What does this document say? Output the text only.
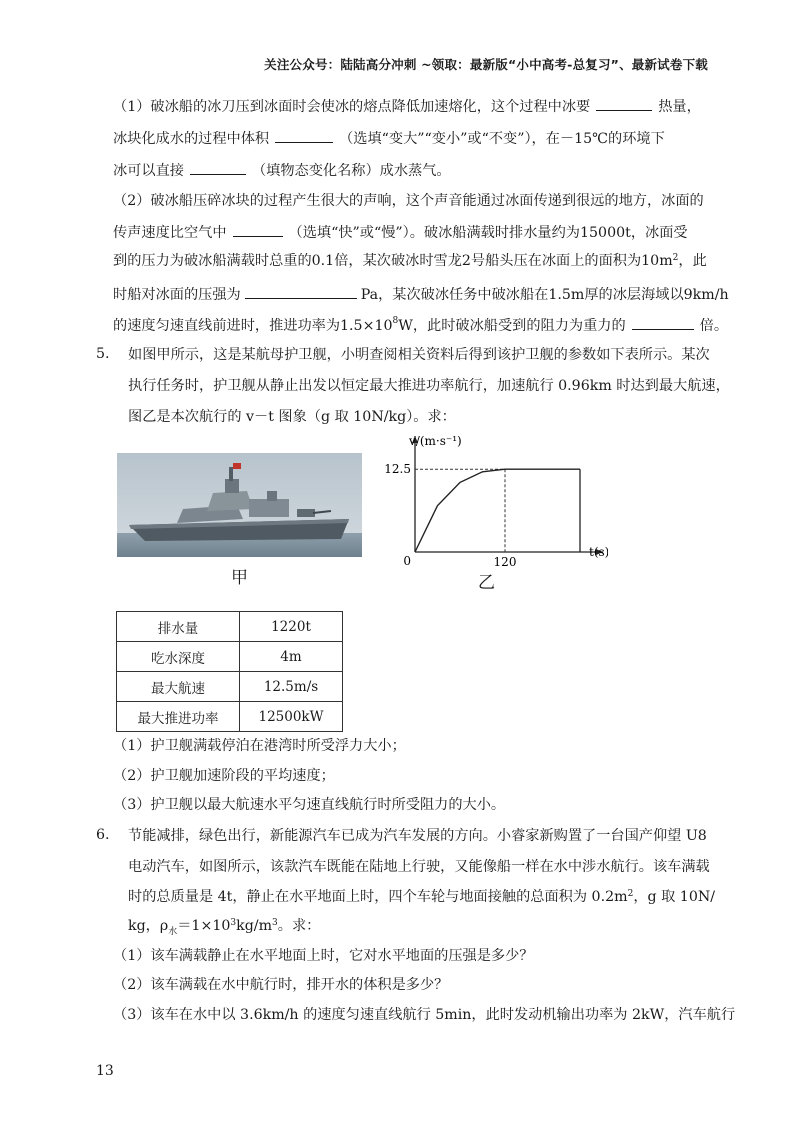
关注公众号：陆陆高分冲刺 ~领取：最新版“小中高考-总复习”、最新试卷下载
（1）破冰船的冰刀压到冰面时会使冰的熔点降低加速熔化，这个过程中冰要	热量，
冰块化成水的过程中体积	（选填“变大”“变小”或“不变”），在－15℃的环境下
冰可以直接	（填物态变化名称）成水蒸气。
（2）破冰船压碎冰块的过程产生很大的声响，这个声音能通过冰面传递到很远的地方，冰面的
传声速度比空气中	（选填“快”或“慢”）。破冰船满载时排水量约为15000t，冰面受
到的压力为破冰船满载时总重的0.1倍，某次破冰时雪龙2号船头压在冰面上的面积为$10m^2$，此
时船对冰面的压强为	Pa，某次破冰任务中破冰船在1.5m厚的冰层海域以9km/h
的速度匀速直线前进时，推进功率为$1.5\times 10^8W$，此时破冰船受到的阻力为重力的	倍。
5. 如图甲所示，这是某航母护卫舰，小明查阅相关资料后得到该护卫舰的参数如下表所示。某次
执行任务时，护卫舰从静止出发以恒定最大推进功率航行，加速航行 0.96km 时达到最大航速，
图乙是本次航行的 v－t 图象（g 取 10N/kg）。求：
甲
v/(m·s⁻¹)
t(s)
0	120
12.5
乙
排水量	1220t
吃水深度	4m
最大航速	12.5m/s
最大推进功率	12500kW
（1）护卫舰满载停泊在港湾时所受浮力大小；
（2）护卫舰加速阶段的平均速度；
（3）护卫舰以最大航速水平匀速直线航行时所受阻力的大小。
6. 节能减排，绿色出行，新能源汽车已成为汽车发展的方向。小睿家新购置了一台国产仰望 U8
电动汽车，如图所示，该款汽车既能在陆地上行驶，又能像船一样在水中涉水航行。该车满载
时的总质量是 4t，静止在水平地面上时，四个车轮与地面接触的总面积为 $0.2m^2$，g 取 10N/
kg，$\rho_水=1\times 10^3kg/m^3$。求：
（1）该车满载静止在水平地面上时，它对水平地面的压强是多少？
（2）该车满载在水中航行时，排开水的体积是多少？
（3）该车在水中以 3.6km/h 的速度匀速直线航行 5min，此时发动机输出功率为 2kW，汽车航行
13
